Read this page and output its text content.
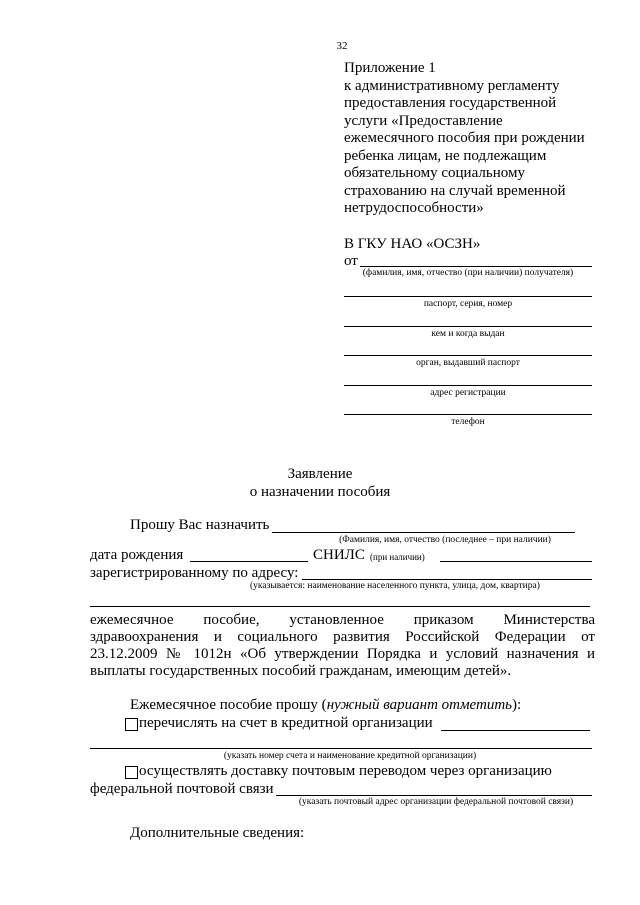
32
Приложение 1
к административному регламенту
предоставления государственной
услуги «Предоставление
ежемесячного пособия при рождении
ребенка лицам, не подлежащим
обязательному социальному
страхованию на случай временной
нетрудоспособности»
В ГКУ НАО «ОСЗН»
от
(фамилия, имя, отчество (при наличии) получателя)
паспорт, серия, номер
кем и когда выдан
орган, выдавший паспорт
адрес регистрации
телефон
Заявление
о назначении пособия
Прошу Вас назначить
(Фамилия, имя, отчество (последнее – при наличии)
дата рождения	СНИЛС (при наличии)
зарегистрированному по адресу:
(указывается: наименование населенного пункта, улица, дом, квартира)
ежемесячное пособие, установленное приказом Министерства здравоохранения и социального развития Российской Федерации от 23.12.2009 № 1012н «Об утверждении Порядка и условий назначения и выплаты государственных пособий гражданам, имеющим детей».
Ежемесячное пособие прошу (нужный вариант отметить):
перечислять на счет в кредитной организации
(указать номер счета и наименование кредитной организации)
осуществлять доставку почтовым переводом через организацию
федеральной почтовой связи
(указать почтовый адрес организации федеральной почтовой связи)
Дополнительные сведения:
